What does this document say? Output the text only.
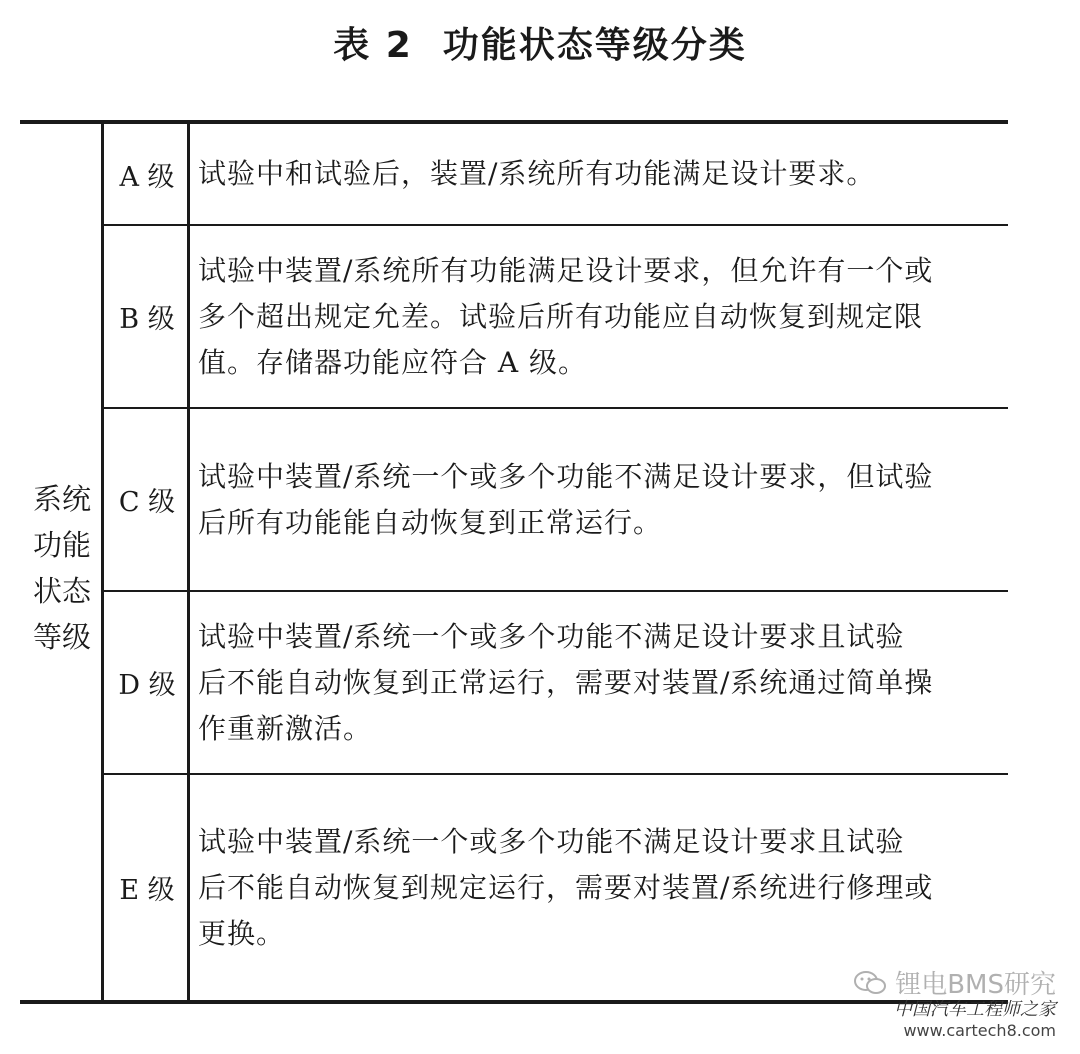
表 2 功能状态等级分类
系统
功能
状态
等级
A 级 试验中和试验后，装置/系统所有功能满足设计要求。
B 级
试验中装置/系统所有功能满足设计要求，但允许有一个或
多个超出规定允差。试验后所有功能应自动恢复到规定限
值。存储器功能应符合 A 级。
C 级
试验中装置/系统一个或多个功能不满足设计要求，但试验
后所有功能能自动恢复到正常运行。
D 级
试验中装置/系统一个或多个功能不满足设计要求且试验
后不能自动恢复到正常运行，需要对装置/系统通过简单操
作重新激活。
E 级
试验中装置/系统一个或多个功能不满足设计要求且试验
后不能自动恢复到规定运行，需要对装置/系统进行修理或
更换。
锂电BMS研究
中国汽车工程师之家
www.cartech8.com
